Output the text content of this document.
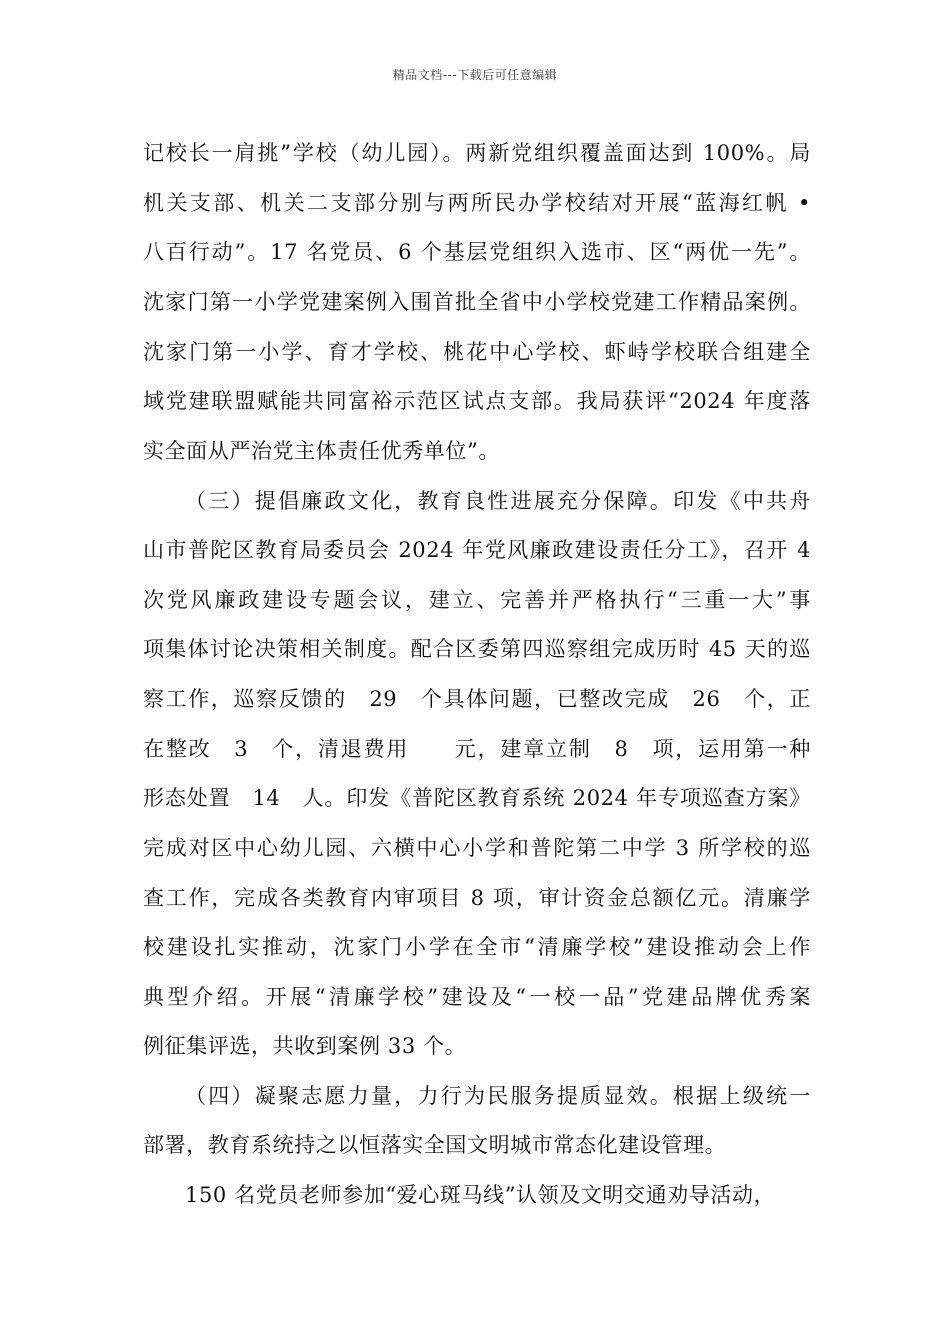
精品文档---下载后可任意编辑
记校长一肩挑”学校（幼儿园）。两新党组织覆盖面达到 100%。局
机关支部、机关二支部分别与两所民办学校结对开展“蓝海红帆 •
八百行动”。17 名党员、6 个基层党组织入选市、区“两优一先”。
沈家门第一小学党建案例入围首批全省中小学校党建工作精品案例。
沈家门第一小学、育才学校、桃花中心学校、虾峙学校联合组建全
域党建联盟赋能共同富裕示范区试点支部。我局获评“2024 年度落
实全面从严治党主体责任优秀单位”。
（三）提倡廉政文化，教育良性进展充分保障。印发《中共舟
山市普陀区教育局委员会 2024 年党风廉政建设责任分工》，召开 4
次党风廉政建设专题会议，建立、完善并严格执行“三重一大”事
项集体讨论决策相关制度。配合区委第四巡察组完成历时 45 天的巡
察工作，巡察反馈的　29　个具体问题，已整改完成　26　个，正
在整改　3　个，清退费用　　元，建章立制　8　项，运用第一种
形态处置　14　人。印发《普陀区教育系统 2024 年专项巡查方案》
完成对区中心幼儿园、六横中心小学和普陀第二中学 3 所学校的巡
查工作，完成各类教育内审项目 8 项，审计资金总额亿元。清廉学
校建设扎实推动，沈家门小学在全市“清廉学校”建设推动会上作
典型介绍。开展“清廉学校”建设及“一校一品”党建品牌优秀案
例征集评选，共收到案例 33 个。
（四）凝聚志愿力量，力行为民服务提质显效。根据上级统一
部署，教育系统持之以恒落实全国文明城市常态化建设管理。
150 名党员老师参加“爱心斑马线”认领及文明交通劝导活动，
